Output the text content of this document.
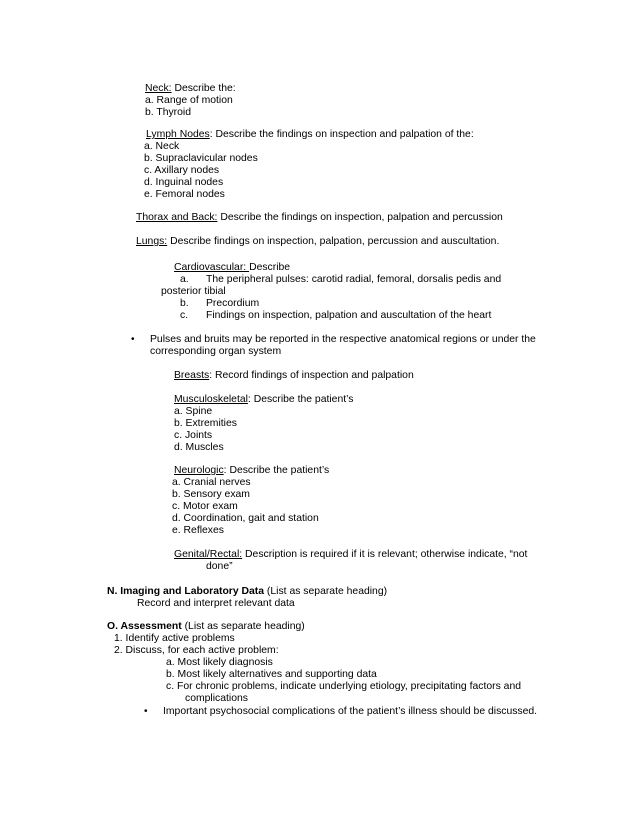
Neck: Describe the:
a. Range of motion
b. Thyroid
Lymph Nodes: Describe the findings on inspection and palpation of the:
a. Neck
b. Supraclavicular nodes
c. Axillary nodes
d. Inguinal nodes
e. Femoral nodes
Thorax and Back: Describe the findings on inspection, palpation and percussion
Lungs: Describe findings on inspection, palpation, percussion and auscultation.
Cardiovascular: Describe
a. The peripheral pulses: carotid radial, femoral, dorsalis pedis and
posterior tibial
b. Precordium
c. Findings on inspection, palpation and auscultation of the heart
• Pulses and bruits may be reported in the respective anatomical regions or under the
corresponding organ system
Breasts: Record findings of inspection and palpation
Musculoskeletal: Describe the patient’s
a. Spine
b. Extremities
c. Joints
d. Muscles
Neurologic: Describe the patient’s
a. Cranial nerves
b. Sensory exam
c. Motor exam
d. Coordination, gait and station
e. Reflexes
Genital/Rectal: Description is required if it is relevant; otherwise indicate, “not
done”
N. Imaging and Laboratory Data (List as separate heading)
Record and interpret relevant data
O. Assessment (List as separate heading)
1. Identify active problems
2. Discuss, for each active problem:
a. Most likely diagnosis
b. Most likely alternatives and supporting data
c. For chronic problems, indicate underlying etiology, precipitating factors and
complications
• Important psychosocial complications of the patient’s illness should be discussed.
